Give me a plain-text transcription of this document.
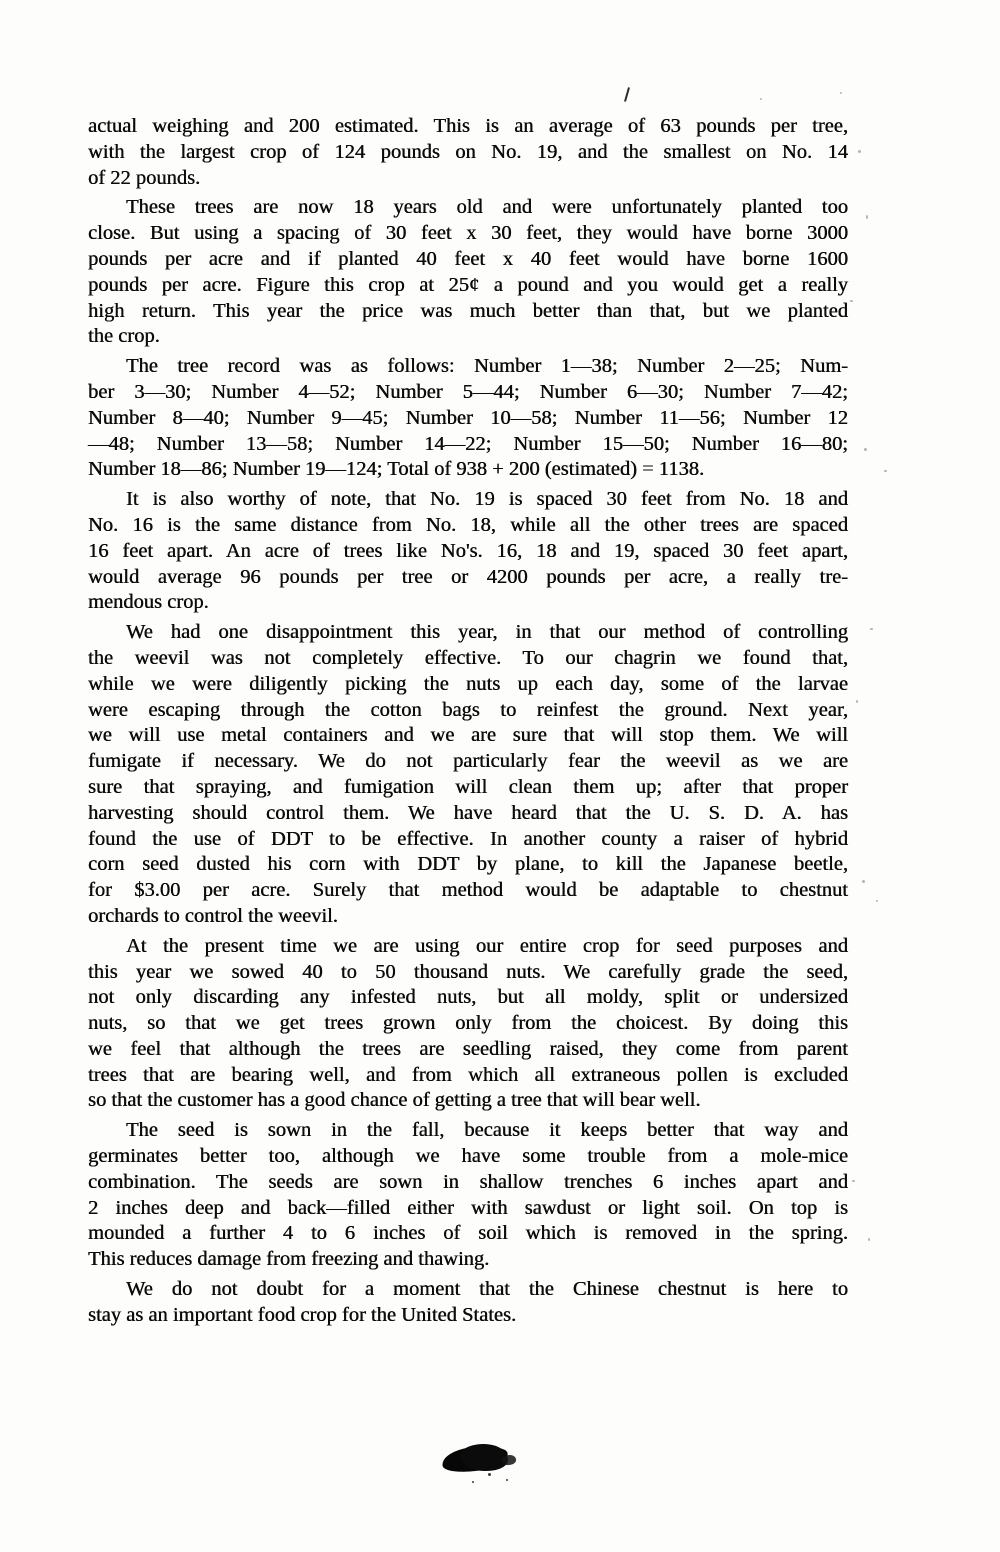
actual weighing and 200 estimated. This is an average of 63 pounds per tree,
with the largest crop of 124 pounds on No. 19, and the smallest on No. 14
of 22 pounds.

These trees are now 18 years old and were unfortunately planted too
close. But using a spacing of 30 feet x 30 feet, they would have borne 3000
pounds per acre and if planted 40 feet x 40 feet would have borne 1600
pounds per acre. Figure this crop at 25¢ a pound and you would get a really
high return. This year the price was much better than that, but we planted
the crop.

The tree record was as follows: Number 1—38; Number 2—25; Num-
ber 3—30; Number 4—52; Number 5—44; Number 6—30; Number 7—42;
Number 8—40; Number 9—45; Number 10—58; Number 11—56; Number 12
—48; Number 13—58; Number 14—22; Number 15—50; Number 16—80;
Number 18—86; Number 19—124; Total of 938 + 200 (estimated) = 1138.

It is also worthy of note, that No. 19 is spaced 30 feet from No. 18 and
No. 16 is the same distance from No. 18, while all the other trees are spaced
16 feet apart. An acre of trees like No's. 16, 18 and 19, spaced 30 feet apart,
would average 96 pounds per tree or 4200 pounds per acre, a really tre-
mendous crop.

We had one disappointment this year, in that our method of controlling
the weevil was not completely effective. To our chagrin we found that,
while we were diligently picking the nuts up each day, some of the larvae
were escaping through the cotton bags to reinfest the ground. Next year,
we will use metal containers and we are sure that will stop them. We will
fumigate if necessary. We do not particularly fear the weevil as we are
sure that spraying, and fumigation will clean them up; after that proper
harvesting should control them. We have heard that the U. S. D. A. has
found the use of DDT to be effective. In another county a raiser of hybrid
corn seed dusted his corn with DDT by plane, to kill the Japanese beetle,
for $3.00 per acre. Surely that method would be adaptable to chestnut
orchards to control the weevil.

At the present time we are using our entire crop for seed purposes and
this year we sowed 40 to 50 thousand nuts. We carefully grade the seed,
not only discarding any infested nuts, but all moldy, split or undersized
nuts, so that we get trees grown only from the choicest. By doing this
we feel that although the trees are seedling raised, they come from parent
trees that are bearing well, and from which all extraneous pollen is excluded
so that the customer has a good chance of getting a tree that will bear well.

The seed is sown in the fall, because it keeps better that way and
germinates better too, although we have some trouble from a mole-mice
combination. The seeds are sown in shallow trenches 6 inches apart and
2 inches deep and back—filled either with sawdust or light soil. On top is
mounded a further 4 to 6 inches of soil which is removed in the spring.
This reduces damage from freezing and thawing.

We do not doubt for a moment that the Chinese chestnut is here to
stay as an important food crop for the United States.
